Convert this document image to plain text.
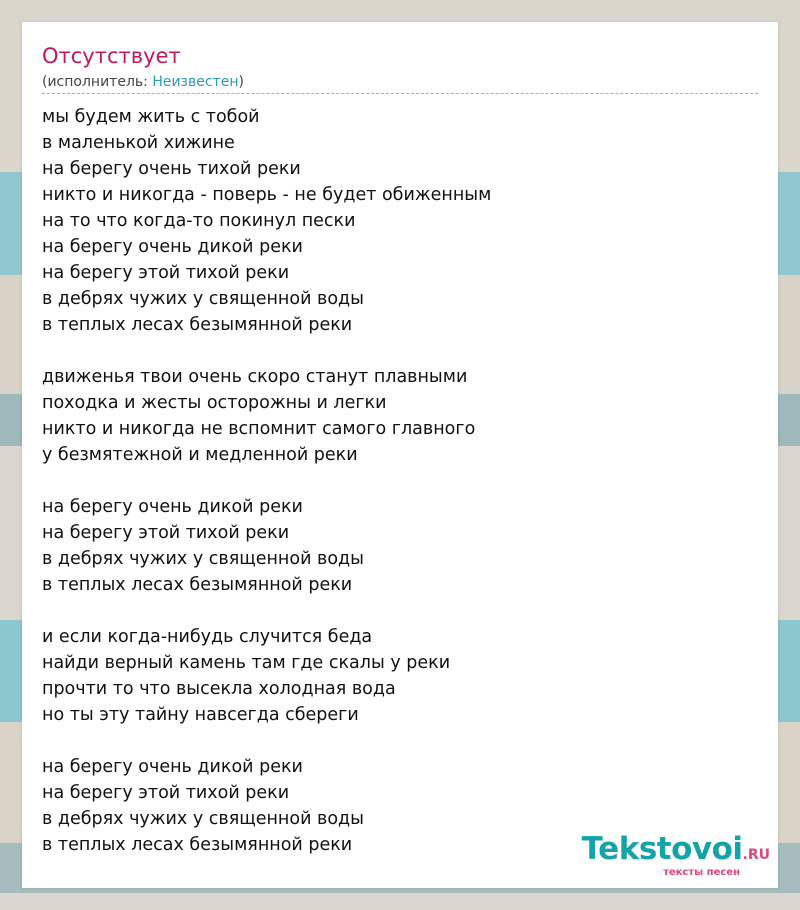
Отсутствует
(исполнитель: Неизвестен)
мы будем жить с тобой
в маленькой хижине
на берегу очень тихой реки
никто и никогда - поверь - не будет обиженным
на то что когда-то покинул пески
на берегу очень дикой реки
на берегу этой тихой реки
в дебрях чужих у священной воды
в теплых лесах безымянной реки
движенья твои очень скоро станут плавными
походка и жесты осторожны и легки
никто и никогда не вспомнит самого главного
у безмятежной и медленной реки
на берегу очень дикой реки
на берегу этой тихой реки
в дебрях чужих у священной воды
в теплых лесах безымянной реки
и если когда-нибудь случится беда
найди верный камень там где скалы у реки
прочти то что высекла холодная вода
но ты эту тайну навсегда сбереги
на берегу очень дикой реки
на берегу этой тихой реки
в дебрях чужих у священной воды
в теплых лесах безымянной реки	Tekstovoi.RU
тексты песен
